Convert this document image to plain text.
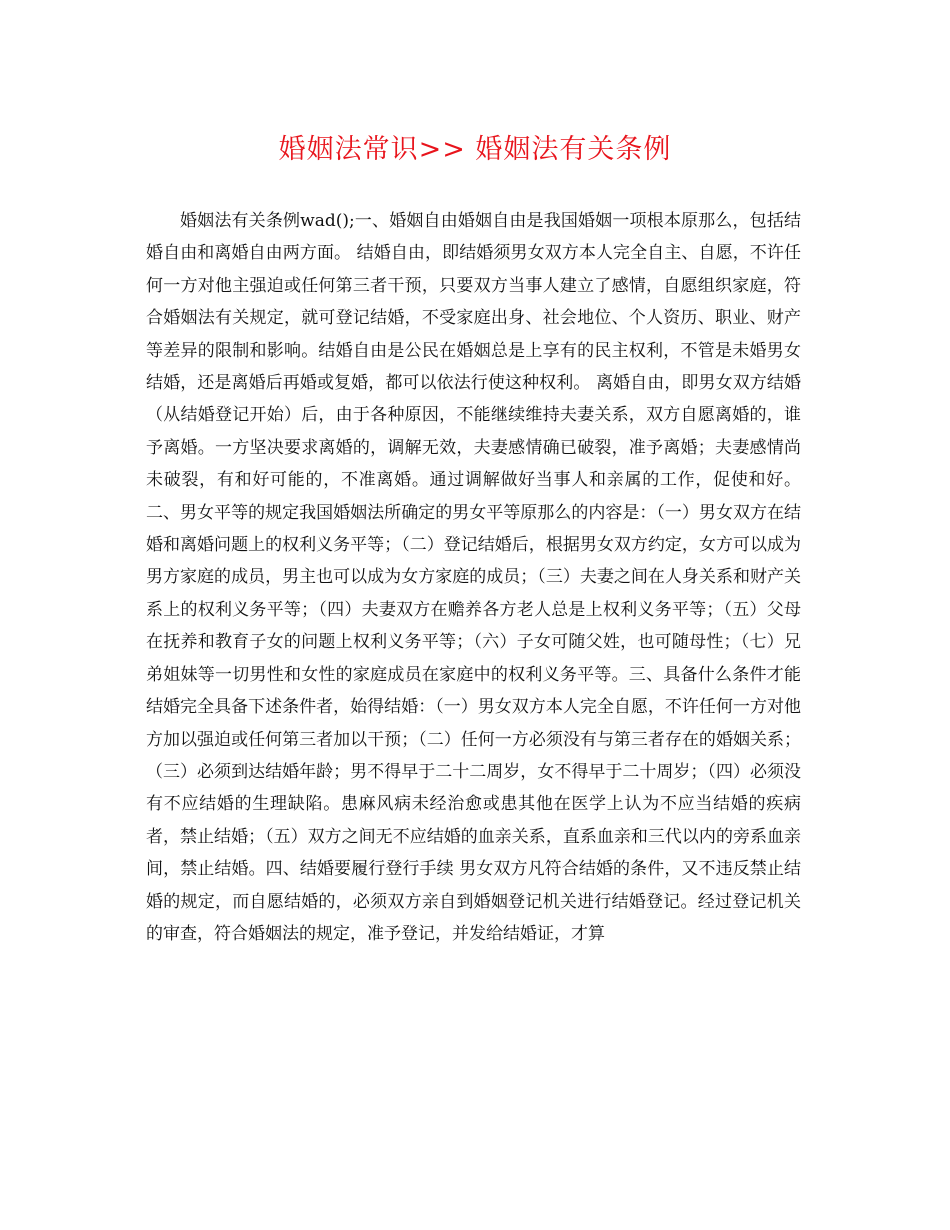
婚姻法常识>> 婚姻法有关条例

婚姻法有关条例wad();一、婚姻自由婚姻自由是我国婚姻一项根本原那么，包括结婚自由和离婚自由两方面。 结婚自由，即结婚须男女双方本人完全自主、自愿，不许任何一方对他主强迫或任何第三者干预，只要双方当事人建立了感情，自愿组织家庭，符合婚姻法有关规定，就可登记结婚，不受家庭出身、社会地位、个人资历、职业、财产等差异的限制和影响。结婚自由是公民在婚姻总是上享有的民主权利，不管是未婚男女结婚，还是离婚后再婚或复婚，都可以依法行使这种权利。 离婚自由，即男女双方结婚（从结婚登记开始）后，由于各种原因，不能继续维持夫妻关系，双方自愿离婚的，谁予离婚。一方坚决要求离婚的，调解无效，夫妻感情确已破裂，准予离婚；夫妻感情尚未破裂，有和好可能的，不准离婚。通过调解做好当事人和亲属的工作，促使和好。二、男女平等的规定我国婚姻法所确定的男女平等原那么的内容是：（一）男女双方在结婚和离婚问题上的权利义务平等；（二）登记结婚后，根据男女双方约定，女方可以成为男方家庭的成员，男主也可以成为女方家庭的成员；（三）夫妻之间在人身关系和财产关系上的权利义务平等；（四）夫妻双方在赡养各方老人总是上权利义务平等；（五）父母在抚养和教育子女的问题上权利义务平等；（六）子女可随父姓，也可随母性；（七）兄弟姐妹等一切男性和女性的家庭成员在家庭中的权利义务平等。三、具备什么条件才能结婚完全具备下述条件者，始得结婚：（一）男女双方本人完全自愿，不许任何一方对他方加以强迫或任何第三者加以干预；（二）任何一方必须没有与第三者存在的婚姻关系；（三）必须到达结婚年龄；男不得早于二十二周岁，女不得早于二十周岁；（四）必须没有不应结婚的生理缺陷。患麻风病未经治愈或患其他在医学上认为不应当结婚的疾病者，禁止结婚；（五）双方之间无不应结婚的血亲关系，直系血亲和三代以内的旁系血亲间，禁止结婚。四、结婚要履行登行手续 男女双方凡符合结婚的条件，又不违反禁止结婚的规定，而自愿结婚的，必须双方亲自到婚姻登记机关进行结婚登记。经过登记机关的审查，符合婚姻法的规定，准予登记，并发给结婚证，才算
